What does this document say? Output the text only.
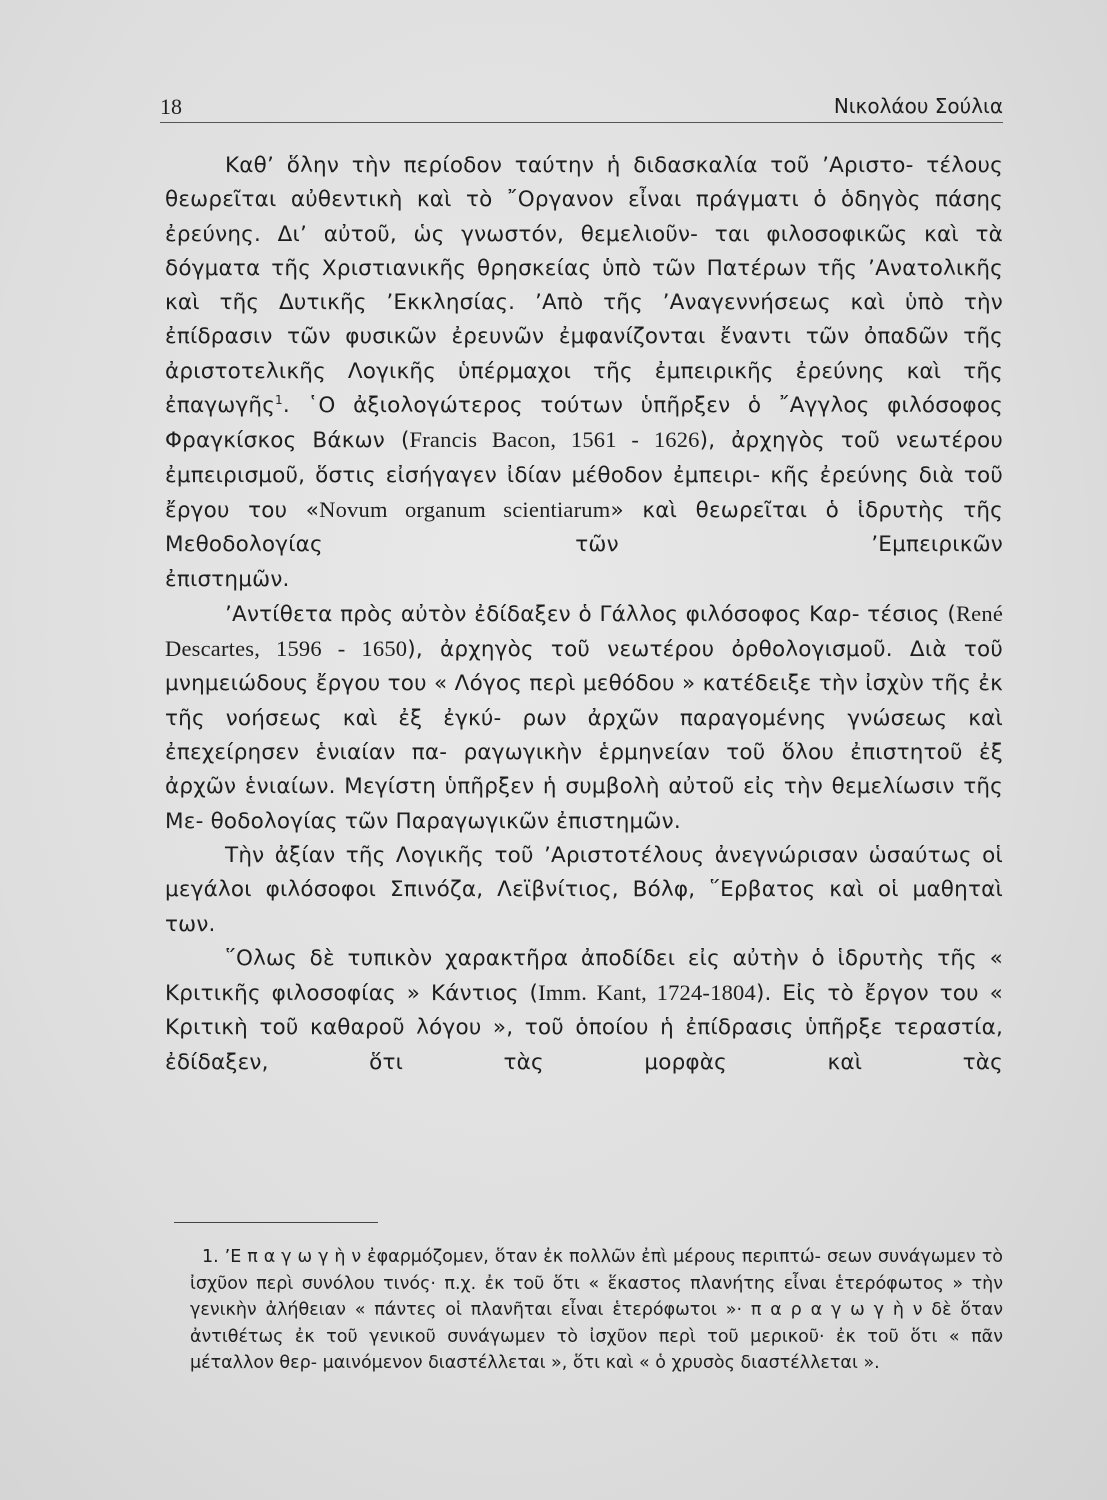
18	Νικολάου Σούλια

Καθ’ ὅλην τὴν περίοδον ταύτην ἡ διδασκαλία τοῦ ’Αριστο- τέλους θεωρεῖται αὐθεντικὴ καὶ τὸ ῎Οργανον εἶναι πράγματι ὁ ὁδηγὸς πάσης ἐρεύνης. Δι’ αὐτοῦ, ὡς γνωστόν, θεμελιοῦν- ται φιλοσοφικῶς καὶ τὰ δόγματα τῆς Χριστιανικῆς θρησκείας ὑπὸ τῶν Πατέρων τῆς ’Ανατολικῆς καὶ τῆς Δυτικῆς ’Εκκλησίας. ’Απὸ τῆς ’Αναγεννήσεως καὶ ὑπὸ τὴν ἐπίδρασιν τῶν φυσικῶν ἐρευνῶν ἐμφανίζονται ἔναντι τῶν ὀπαδῶν τῆς ἀριστοτελικῆς Λογικῆς ὑπέρμαχοι τῆς ἐμπειρικῆς ἐρεύνης καὶ τῆς ἐπαγωγῆς$^1$. ῾Ο ἀξιολογώτερος τούτων ὑπῆρξεν ὁ ῎Αγγλος φιλόσοφος Φραγκίσκος Βάκων (Francis Bacon, 1561 - 1626), ἀρχηγὸς τοῦ νεωτέρου ἐμπειρισμοῦ, ὅστις εἰσήγαγεν ἰδίαν μέθοδον ἐμπειρι- κῆς ἐρεύνης διὰ τοῦ ἔργου του «Novum organum scientiarum» καὶ θεωρεῖται ὁ ἱδρυτὴς τῆς Μεθοδολογίας τῶν ’Εμπειρικῶν

ἐπιστημῶν.

’Αντίθετα πρὸς αὐτὸν ἐδίδαξεν ὁ Γάλλος φιλόσοφος Καρ- τέσιος (René Descartes, 1596 - 1650), ἀρχηγὸς τοῦ νεωτέρου ὀρθολογισμοῦ. Διὰ τοῦ μνημειώδους ἔργου του « Λόγος περὶ μεθόδου » κατέδειξε τὴν ἰσχὺν τῆς ἐκ τῆς νοήσεως καὶ ἐξ ἐγκύ- ρων ἀρχῶν παραγομένης γνώσεως καὶ ἐπεχείρησεν ἑνιαίαν πα- ραγωγικὴν ἑρμηνείαν τοῦ ὅλου ἐπιστητοῦ ἐξ ἀρχῶν ἑνιαίων. Μεγίστη ὑπῆρξεν ἡ συμβολὴ αὐτοῦ εἰς τὴν θεμελίωσιν τῆς Με- θοδολογίας τῶν Παραγωγικῶν ἐπιστημῶν.

Τὴν ἀξίαν τῆς Λογικῆς τοῦ ’Αριστοτέλους ἀνεγνώρισαν ὡσαύτως οἱ μεγάλοι φιλόσοφοι Σπινόζα, Λεϊβνίτιος, Βόλφ, ῞Ερβατος καὶ οἱ μαθηταὶ των.

῞Ολως δὲ τυπικὸν χαρακτῆρα ἀποδίδει εἰς αὐτὴν ὁ ἱδρυτὴς τῆς « Κριτικῆς φιλοσοφίας » Κάντιος (Imm. Kant, 1724-1804). Εἰς τὸ ἔργον του « Κριτικὴ τοῦ καθαροῦ λόγου », τοῦ ὁποίου ἡ ἐπίδρασις ὑπῆρξε τεραστία, ἐδίδαξεν, ὅτι τὰς μορφὰς καὶ τὰς

1. ’Ε π α γ ω γ ὴ ν ἐφαρμόζομεν, ὅταν ἐκ πολλῶν ἐπὶ μέρους περιπτώ- σεων συνάγωμεν τὸ ἰσχῦον περὶ συνόλου τινός· π.χ. ἐκ τοῦ ὅτι « ἕκαστος πλανήτης εἶναι ἑτερόφωτος » τὴν γενικὴν ἀλήθειαν « πάντες οἱ πλανῆται εἶναι ἑτερόφωτοι »· π α ρ α γ ω γ ὴ ν δὲ ὅταν ἀντιθέτως ἐκ τοῦ γενικοῦ συνάγωμεν τὸ ἰσχῦον περὶ τοῦ μερικοῦ· ἐκ τοῦ ὅτι « πᾶν μέταλλον θερ- μαινόμενον διαστέλλεται », ὅτι καὶ « ὁ χρυσὸς διαστέλλεται ».
